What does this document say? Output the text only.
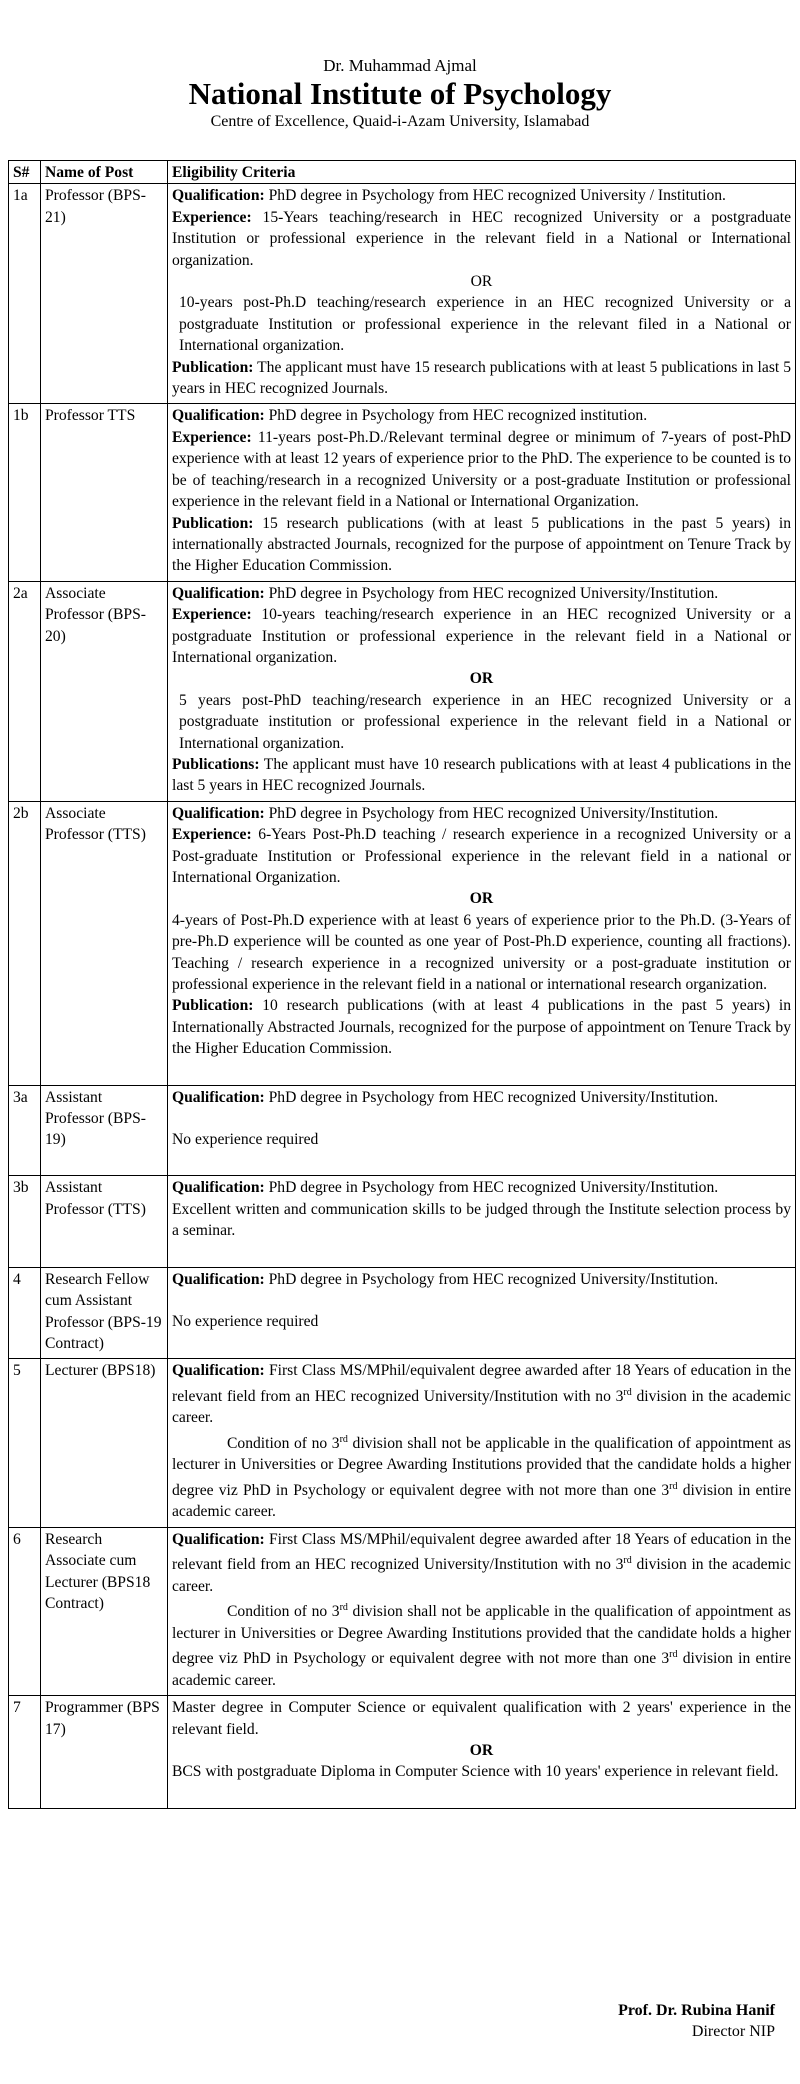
Dr. Muhammad Ajmal
National Institute of Psychology
Centre of Excellence, Quaid-i-Azam University, Islamabad
S#	Name of Post	Eligibility Criteria
1a	Professor (BPS-21)	Qualification: PhD degree in Psychology from HEC recognized University / Institution.

Experience: 15-Years teaching/research in HEC recognized University or a postgraduate Institution or professional experience in the relevant field in a National or International organization.

OR

10-years post-Ph.D teaching/research experience in an HEC recognized University or a postgraduate Institution or professional experience in the relevant filed in a National or International organization.

Publication: The applicant must have 15 research publications with at least 5 publications in last 5 years in HEC recognized Journals.

1b	Professor TTS	Qualification: PhD degree in Psychology from HEC recognized institution.

Experience: 11-years post-Ph.D./Relevant terminal degree or minimum of 7-years of post-PhD experience with at least 12 years of experience prior to the PhD. The experience to be counted is to be of teaching/research in a recognized University or a post-graduate Institution or professional experience in the relevant field in a National or International Organization.

Publication: 15 research publications (with at least 5 publications in the past 5 years) in internationally abstracted Journals, recognized for the purpose of appointment on Tenure Track by the Higher Education Commission.

2a	Associate Professor (BPS-20)	Qualification: PhD degree in Psychology from HEC recognized University/Institution.

Experience: 10-years teaching/research experience in an HEC recognized University or a postgraduate Institution or professional experience in the relevant field in a National or International organization.

OR

5 years post-PhD teaching/research experience in an HEC recognized University or a postgraduate institution or professional experience in the relevant field in a National or International organization.

Publications: The applicant must have 10 research publications with at least 4 publications in the last 5 years in HEC recognized Journals.

2b	Associate Professor (TTS)	Qualification: PhD degree in Psychology from HEC recognized University/Institution.

Experience: 6-Years Post-Ph.D teaching / research experience in a recognized University or a Post-graduate Institution or Professional experience in the relevant field in a national or International Organization.

OR

4-years of Post-Ph.D experience with at least 6 years of experience prior to the Ph.D. (3-Years of pre-Ph.D experience will be counted as one year of Post-Ph.D experience, counting all fractions). Teaching / research experience in a recognized university or a post-graduate institution or professional experience in the relevant field in a national or international research organization.

Publication: 10 research publications (with at least 4 publications in the past 5 years) in Internationally Abstracted Journals, recognized for the purpose of appointment on Tenure Track by the Higher Education Commission.

3a	Assistant Professor (BPS-19)	Qualification: PhD degree in Psychology from HEC recognized University/Institution.

No experience required

3b	Assistant Professor (TTS)	Qualification: PhD degree in Psychology from HEC recognized University/Institution.

Excellent written and communication skills to be judged through the Institute selection process by a seminar.

4	Research Fellow cum Assistant Professor (BPS-19 Contract)	Qualification: PhD degree in Psychology from HEC recognized University/Institution.

No experience required

5	Lecturer (BPS18)	Qualification: First Class MS/MPhil/equivalent degree awarded after 18 Years of education in the relevant field from an HEC recognized University/Institution with no 3rd division in the academic career.

Condition of no 3rd division shall not be applicable in the qualification of appointment as lecturer in Universities or Degree Awarding Institutions provided that the candidate holds a higher degree viz PhD in Psychology or equivalent degree with not more than one 3rd division in entire academic career.

6	Research Associate cum Lecturer (BPS18 Contract)	Qualification: First Class MS/MPhil/equivalent degree awarded after 18 Years of education in the relevant field from an HEC recognized University/Institution with no 3rd division in the academic career.

Condition of no 3rd division shall not be applicable in the qualification of appointment as lecturer in Universities or Degree Awarding Institutions provided that the candidate holds a higher degree viz PhD in Psychology or equivalent degree with not more than one 3rd division in entire academic career.

7	Programmer (BPS 17)	Master degree in Computer Science or equivalent qualification with 2 years' experience in the relevant field.

OR

BCS with postgraduate Diploma in Computer Science with 10 years' experience in relevant field.

Prof. Dr. Rubina Hanif
Director NIP
